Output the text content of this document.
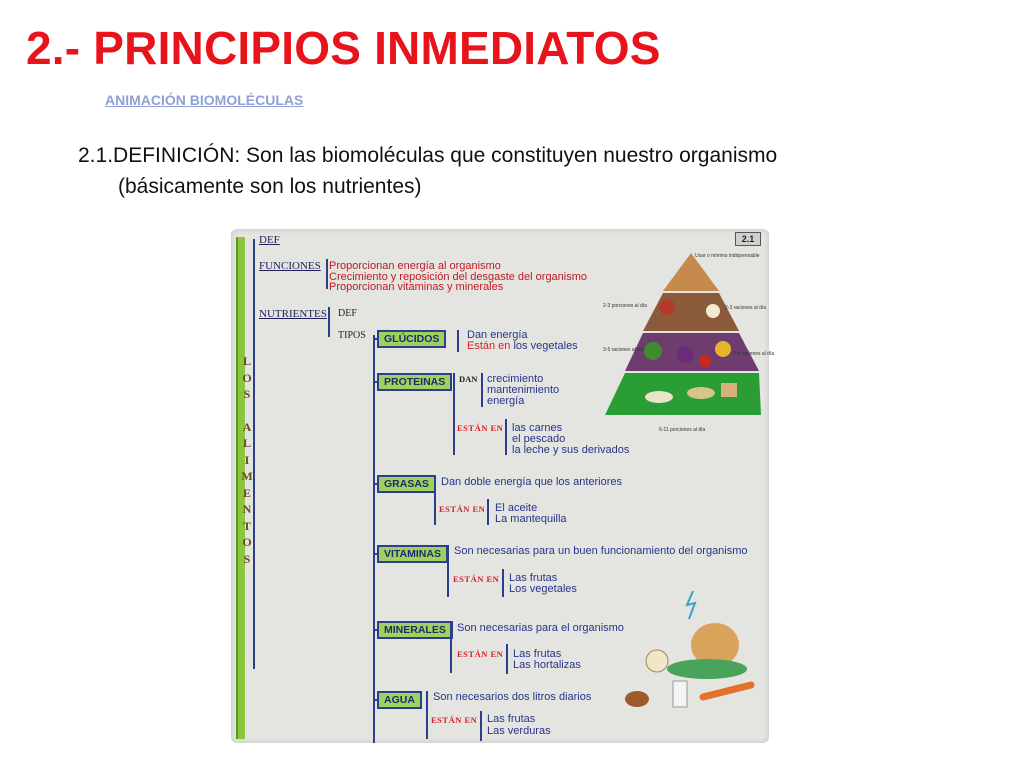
2.- PRINCIPIOS INMEDIATOS
ANIMACIÓN BIOMOLÉCULAS
2.1.DEFINICIÓN: Son las biomoléculas que constituyen nuestro organismo
(básicamente son los nutrientes)
L
O
S
A
L
I
M
E
N
T
O
S
DEF
FUNCIONES Proporcionan energía al organismo
Crecimiento y reposición del desgaste del organismo
Proporcionan vitaminas y minerales
NUTRIENTES DEF
TIPOS	GLÚCIDOS	Dan energía
Están en los vegetales
PROTEINAS	DAN crecimiento
mantenimiento
energía
ESTÁN EN las carnes
el pescado
la leche y sus derivados
GRASAS	Dan doble energía que los anteriores
ESTÁN EN El aceite
La mantequilla
VITAMINAS	Son necesarias para un buen funcionamiento del organismo
ESTÁN EN Las frutas
Los vegetales
MINERALES	Son necesarias para el organismo
ESTÁN EN Las frutas
Las hortalizas
AGUA	Son necesarios dos litros diarios
ESTÁN EN Las frutas
Las verduras
2.1
Usar o mínimo indispensable
2-3 porciones al día	2-3 raciones al día
3-5 raciones al día
2-4 raciones al día
6-11 porciones al día
